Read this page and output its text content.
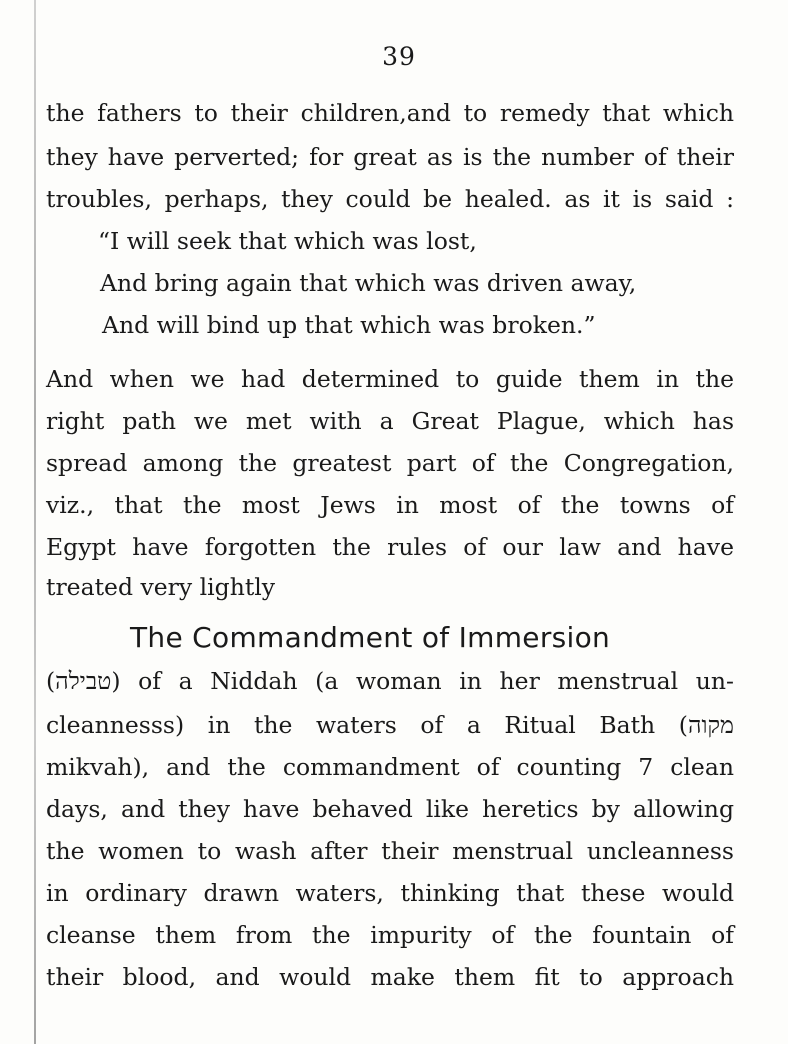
39
the fathers to their children,and to remedy that which
they have perverted; for great as is the number of their
troubles, perhaps, they could be healed. as it is said :
“I will seek that which was lost,
And bring again that which was driven away,
And will bind up that which was broken.”
And when we had determined to guide them in the
right path we met with a Great Plague, which has
spread among the greatest part of the Congregation,
viz., that the most Jews in most of the towns of
Egypt have forgotten the rules of our law and have
treated very lightly
The Commandment of Immersion
(טבילה) of a Niddah (a woman in her menstrual un-
cleannesss) in the waters of a Ritual Bath (מקוה
mikvah), and the commandment of counting 7 clean
days, and they have behaved like heretics by allowing
the women to wash after their menstrual uncleanness
in ordinary drawn waters, thinking that these would
cleanse them from the impurity of the fountain of
their blood, and would make them fit to approach
